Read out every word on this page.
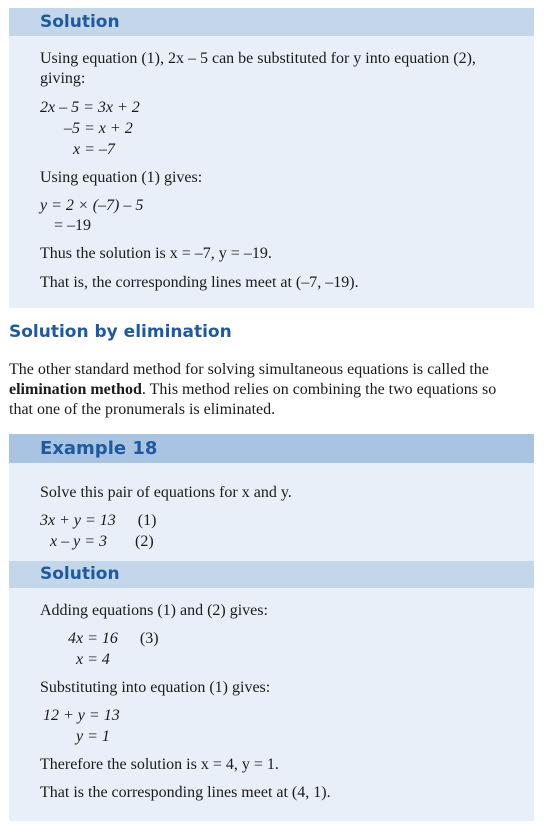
Solution
Using equation (1), 2x – 5 can be substituted for y into equation (2),
giving:
2x – 5 = 3x + 2
–5 = x + 2
x = –7
Using equation (1) gives:
y = 2 × (–7) – 5
= –19
Thus the solution is x = –7, y = –19.
That is, the corresponding lines meet at (–7, –19).
Solution by elimination
The other standard method for solving simultaneous equations is called the
elimination method. This method relies on combining the two equations so
that one of the pronumerals is eliminated.
Example 18
Solve this pair of equations for x and y.
3x + y = 13 (1)
x – y = 3 (2)
Solution
Adding equations (1) and (2) gives:
4x = 16 (3)
x = 4
Substituting into equation (1) gives:
12 + y = 13
y = 1
Therefore the solution is x = 4, y = 1.
That is the corresponding lines meet at (4, 1).
